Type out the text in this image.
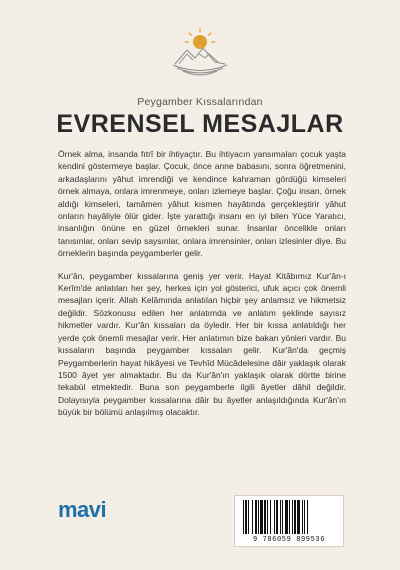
Peygamber Kıssalarından
EVRENSEL MESAJLAR

Örnek alma, insanda fıtrî bir ihtiyaçtır. Bu ihtiyacın yansımaları çocuk yaşta kendini göstermeye başlar. Çocuk, önce anne babasını, sonra öğretmenini, arkadaşlarını yâhut imrendiği ve kendince kahraman gördüğü kimseleri örnek almaya, onlara imrenmeye, onları izlemeye başlar. Çoğu insan, örnek aldığı kimseleri, tamâmen yâhut kısmen hayâtında gerçekleştirir yâhut onların hayâliyle ölür gider. İşte yarattığı insanı en iyi bilen Yüce Yaratıcı, insanlığın önüne en güzel örnekleri sunar. İnsanlar öncelikle onları tanısınlar, onları sevip saysınlar, onlara imrensinler, onları izlesinler diye. Bu örneklerin başında peygamberler gelir.

Kur'ân, peygamber kıssalarına geniş yer verir. Hayat Kitâbımız Kur'ân-ı Kerîm'de anlatılan her şey, herkes için yol gösterici, ufuk açıcı çok önemli mesajları içerir. Allah Kelâmında anlatılan hiçbir şey anlamsız ve hikmetsiz değildir. Sözkonusu edilen her anlatımda ve anlatım şeklinde sayısız hikmetler vardır. Kur'ân kıssaları da öyledir. Her bir kıssa anlatıldığı her yerde çok önemli mesajlar verir. Her anlatımın bize bakan yönleri vardır. Bu kıssaların başında peygamber kıssaları gelir. Kur'ân'da geçmiş Peygamberlerin hayat hikâyesi ve Tevhîd Mücâdelesine dâir yaklaşık olarak 1500 âyet yer almaktadır. Bu da Kur'ân'ın yaklaşık olarak dörtte birine tekabül etmektedir. Buna son peygamberle ilgili âyetler dâhil değildir. Dolayısıyla peygamber kıssalarına dâir bu âyetler anlaşıldığında Kur'ân'ın büyük bir bölümü anlaşılmış olacaktır.

mavi
9 786059 899536
